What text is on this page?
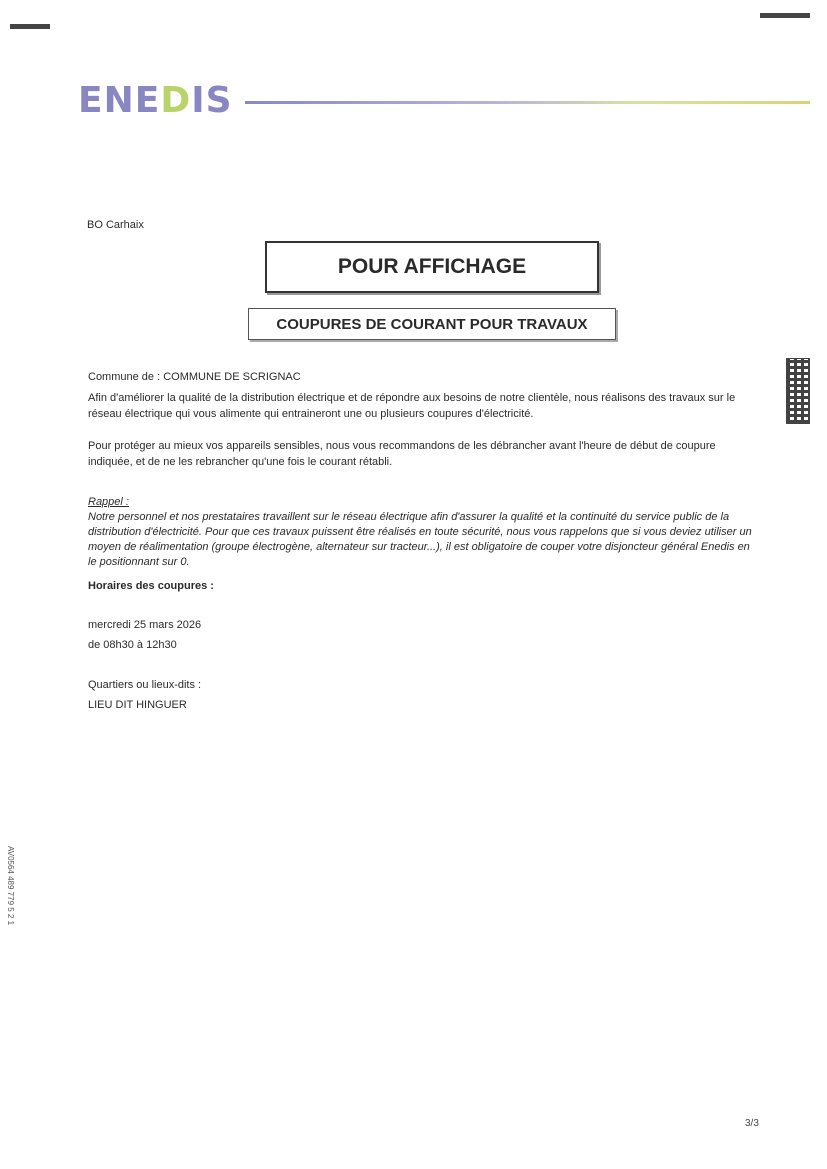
ENEDIS
BO Carhaix
POUR AFFICHAGE
COUPURES DE COURANT POUR TRAVAUX
Commune de : COMMUNE DE SCRIGNAC
Afin d'améliorer la qualité de la distribution électrique et de répondre aux besoins de notre clientèle, nous réalisons des travaux sur le réseau électrique qui vous alimente qui entraineront une ou plusieurs coupures d'électricité.
Pour protéger au mieux vos appareils sensibles, nous vous recommandons de les débrancher avant l'heure de début de coupure indiquée, et de ne les rebrancher qu'une fois le courant rétabli.
Rappel :
Notre personnel et nos prestataires travaillent sur le réseau électrique afin d'assurer la qualité et la continuité du service public de la distribution d'électricité. Pour que ces travaux puissent être réalisés en toute sécurité, nous vous rappelons que si vous deviez utiliser un moyen de réalimentation (groupe électrogène, alternateur sur tracteur...), il est obligatoire de couper votre disjoncteur général Enedis en le positionnant sur 0.
Horaires des coupures :
mercredi 25 mars 2026
de 08h30 à 12h30
Quartiers ou lieux-dits :
LIEU DIT HINGUER
AV0564 489 779 5 2 1
3/3
